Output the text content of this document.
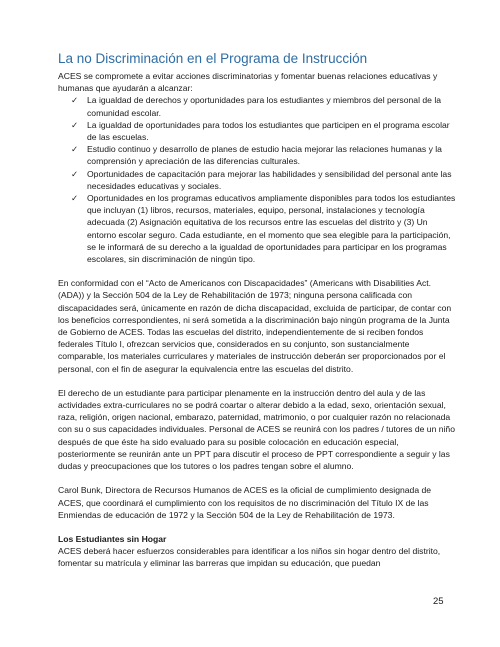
La no Discriminación en el Programa de Instrucción

ACES se compromete a evitar acciones discriminatorias y fomentar buenas relaciones educativas y humanas que ayudarán a alcanzar:

✓ La igualdad de derechos y oportunidades para los estudiantes y miembros del personal de la comunidad escolar.
✓ La igualdad de oportunidades para todos los estudiantes que participen en el programa escolar de las escuelas.
✓ Estudio continuo y desarrollo de planes de estudio hacia mejorar las relaciones humanas y la comprensión y apreciación de las diferencias culturales.
✓ Oportunidades de capacitación para mejorar las habilidades y sensibilidad del personal ante las necesidades educativas y sociales.
✓ Oportunidades en los programas educativos ampliamente disponibles para todos los estudiantes que incluyan (1) libros, recursos, materiales, equipo, personal, instalaciones y tecnología adecuada (2) Asignación equitativa de los recursos entre las escuelas del distrito y (3) Un entorno escolar seguro. Cada estudiante, en el momento que sea elegible para la participación, se le informará de su derecho a la igualdad de oportunidades para participar en los programas escolares, sin discriminación de ningún tipo.

En conformidad con el “Acto de Americanos con Discapacidades” (Americans with Disabilities Act. (ADA)) y la Sección 504 de la Ley de Rehabilitación de 1973; ninguna persona calificada con discapacidades será, únicamente en razón de dicha discapacidad, excluida de participar, de contar con los beneficios correspondientes, ni será sometida a la discriminación bajo ningún programa de la Junta de Gobierno de ACES. Todas las escuelas del distrito, independientemente de si reciben fondos federales Título I, ofrezcan servicios que, considerados en su conjunto, son sustancialmente comparable, los materiales curriculares y materiales de instrucción deberán ser proporcionados por el personal, con el fin de asegurar la equivalencia entre las escuelas del distrito.

El derecho de un estudiante para participar plenamente en la instrucción dentro del aula y de las actividades extra-curriculares no se podrá coartar o alterar debido a la edad, sexo, orientación sexual, raza, religión, origen nacional, embarazo, paternidad, matrimonio, o por cualquier razón no relacionada con su o sus capacidades individuales. Personal de ACES se reunirá con los padres / tutores de un niño después de que éste ha sido evaluado para su posible colocación en educación especial, posteriormente se reunirán ante un PPT para discutir el proceso de PPT correspondiente a seguir y las dudas y preocupaciones que los tutores o los padres tengan sobre el alumno.

Carol Bunk, Directora de Recursos Humanos de ACES es la oficial de cumplimiento designada de ACES, que coordinará el cumplimiento con los requisitos de no discriminación del Título IX de las Enmiendas de educación de 1972 y la Sección 504 de la Ley de Rehabilitación de 1973.

Los Estudiantes sin Hogar

ACES deberá hacer esfuerzos considerables para identificar a los niños sin hogar dentro del distrito, fomentar su matrícula y eliminar las barreras que impidan su educación, que puedan

25
